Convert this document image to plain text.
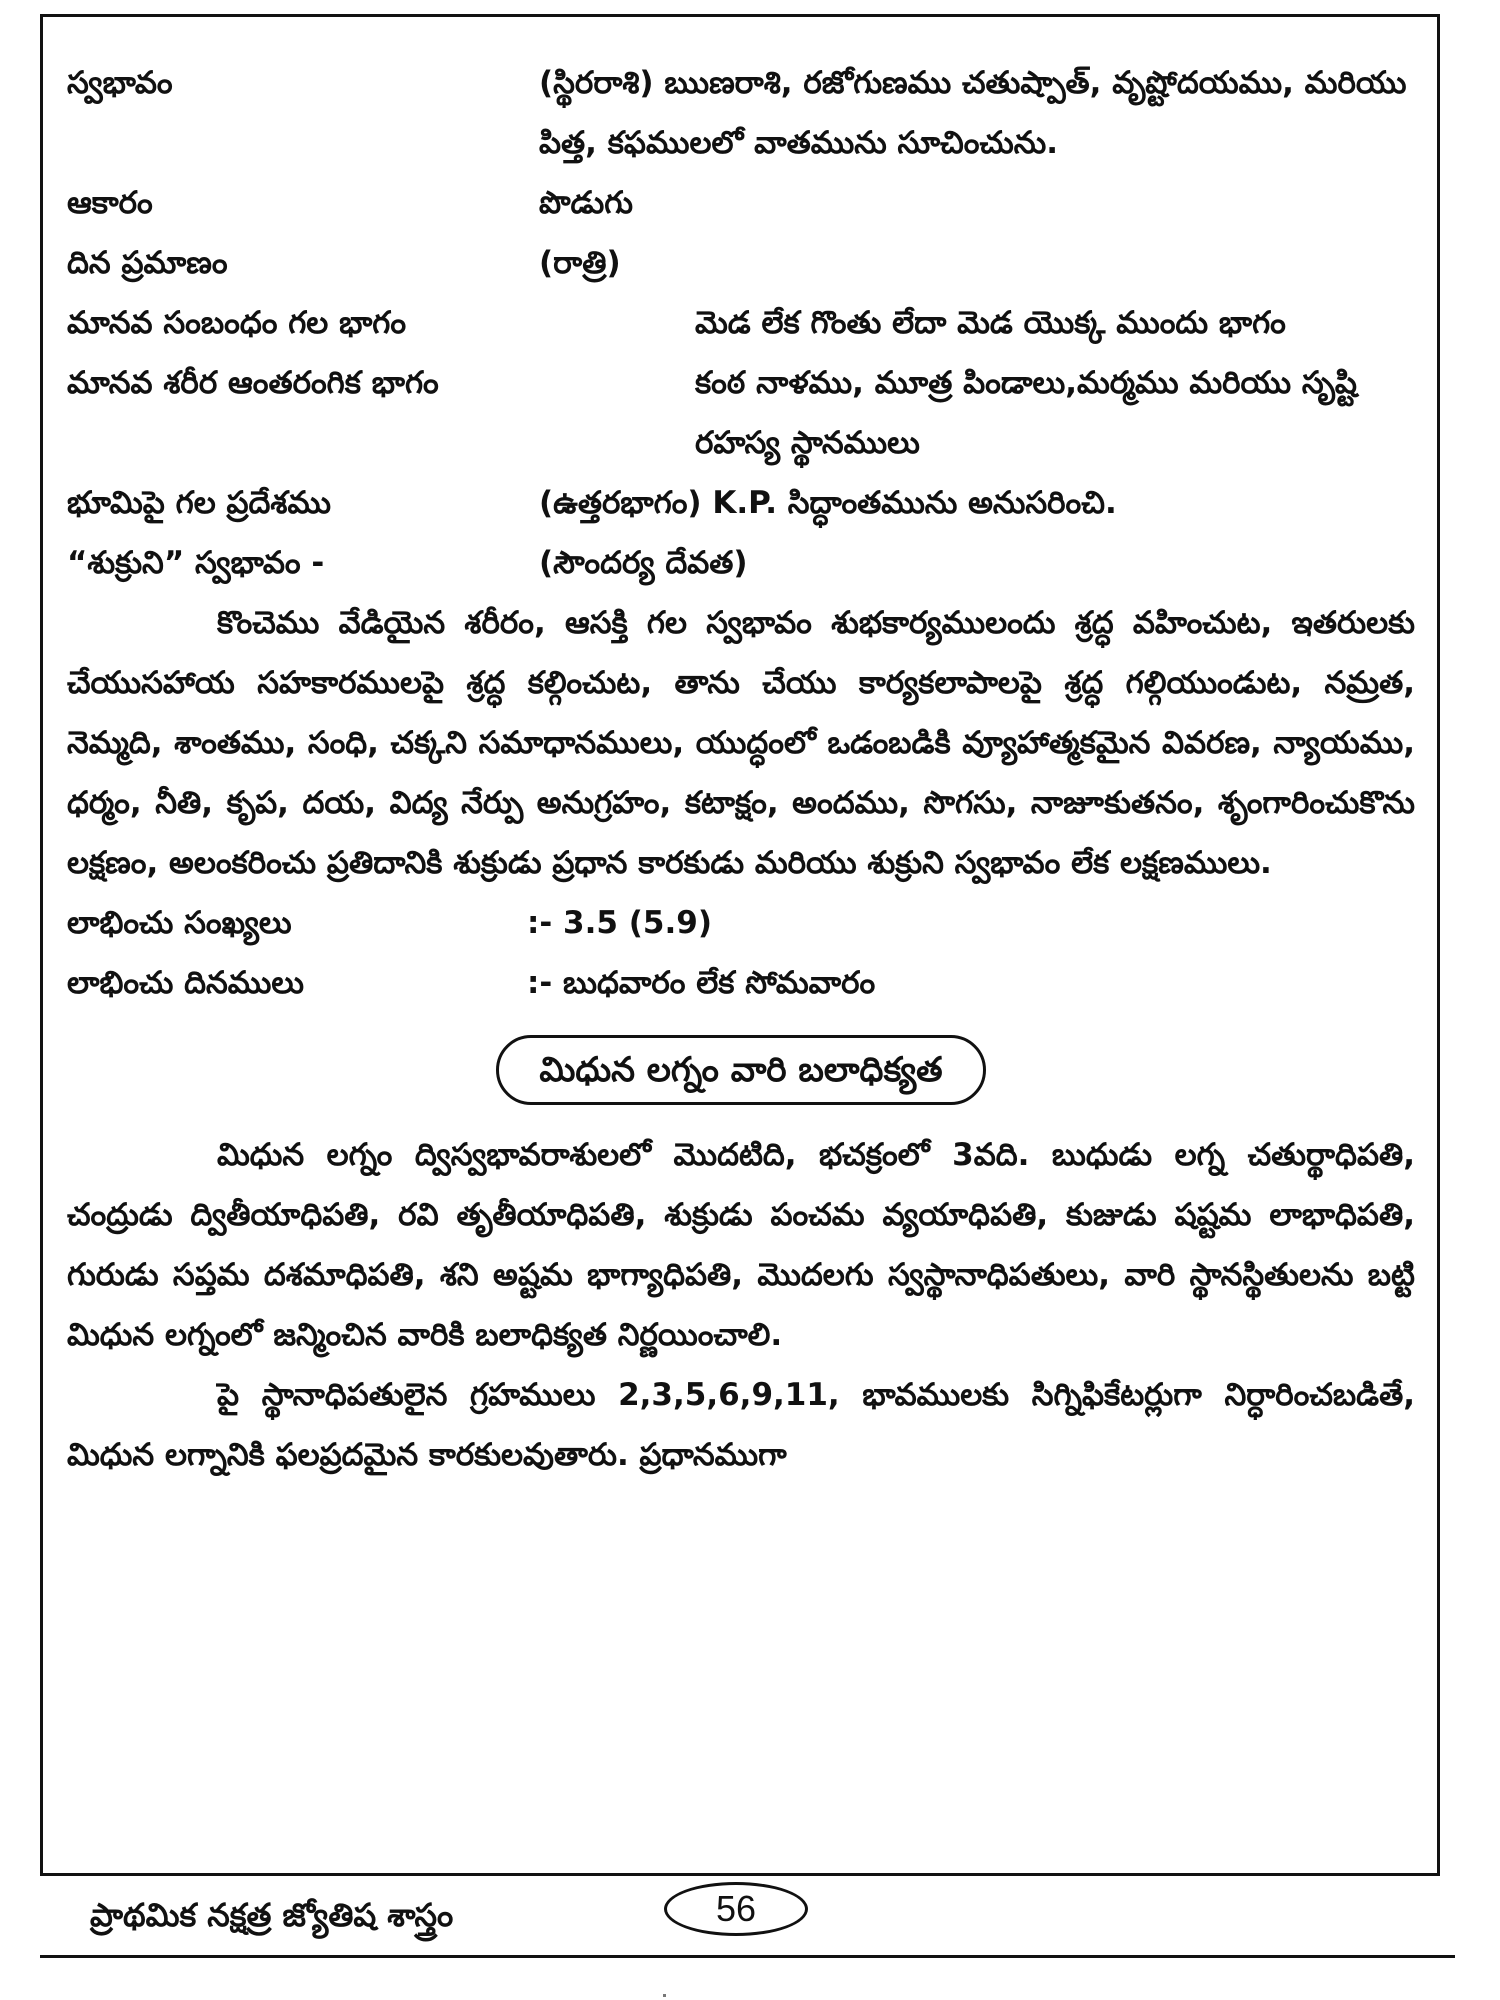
స్వభావం	(స్థిరరాశి) ఋణరాశి, రజోగుణము చతుష్పాత్, వృష్టోదయము, మరియు పిత్త, కఫములలో వాతమును సూచించును.
ఆకారం	పొడుగు
దిన ప్రమాణం	(రాత్రి)
మానవ సంబంధం గల భాగం	మెడ లేక గొంతు లేదా మెడ యొక్క ముందు భాగం
మానవ శరీర ఆంతరంగిక భాగం	కంఠ నాళము, మూత్ర పిండాలు,మర్మము మరియు సృష్టి రహస్య స్థానములు
భూమిపై గల ప్రదేశము	(ఉత్తరభాగం) K.P. సిద్ధాంతమును అనుసరించి.
“శుక్రుని” స్వభావం -	(సౌందర్య దేవత)

కొంచెము వేడియైన శరీరం, ఆసక్తి గల స్వభావం శుభకార్యములందు శ్రద్ధ వహించుట, ఇతరులకు చేయుసహాయ సహకారములపై శ్రద్ధ కల్గించుట, తాను చేయు కార్యకలాపాలపై శ్రద్ధ గల్గియుండుట, నమ్రత, నెమ్మది, శాంతము, సంధి, చక్కని సమాధానములు, యుద్ధంలో ఒడంబడికి వ్యూహాత్మకమైన వివరణ, న్యాయము, ధర్మం, నీతి, కృప, దయ, విద్య నేర్పు అనుగ్రహం, కటాక్షం, అందము, సొగసు, నాజూకుతనం, శృంగారించుకొను లక్షణం, అలంకరించు ప్రతిదానికి శుక్రుడు ప్రధాన కారకుడు మరియు శుక్రుని స్వభావం లేక లక్షణములు.

లాభించు సంఖ్యలు	:- 3.5 (5.9)
లాభించు దినములు	:- బుధవారం లేక సోమవారం
మిధున లగ్నం వారి బలాధిక్యత

మిధున లగ్నం ద్విస్వభావరాశులలో మొదటిది, భచక్రంలో 3వది. బుధుడు లగ్న చతుర్థాధిపతి, చంద్రుడు ద్వితీయాధిపతి, రవి తృతీయాధిపతి, శుక్రుడు పంచమ వ్యయాధిపతి, కుజుడు షష్టమ లాభాధిపతి, గురుడు సప్తమ దశమాధిపతి, శని అష్టమ భాగ్యాధిపతి, మొదలగు స్వస్థానాధిపతులు, వారి స్థానస్థితులను బట్టి మిధున లగ్నంలో జన్మించిన వారికి బలాధిక్యత నిర్ణయించాలి.

పై స్థానాధిపతులైన గ్రహములు 2,3,5,6,9,11, భావములకు సిగ్నిఫికేటర్లుగా నిర్ధారించబడితే, మిధున లగ్నానికి ఫలప్రదమైన కారకులవుతారు. ప్రధానముగా

ప్రాథమిక నక్షత్ర జ్యోతిష శాస్త్రం	56
